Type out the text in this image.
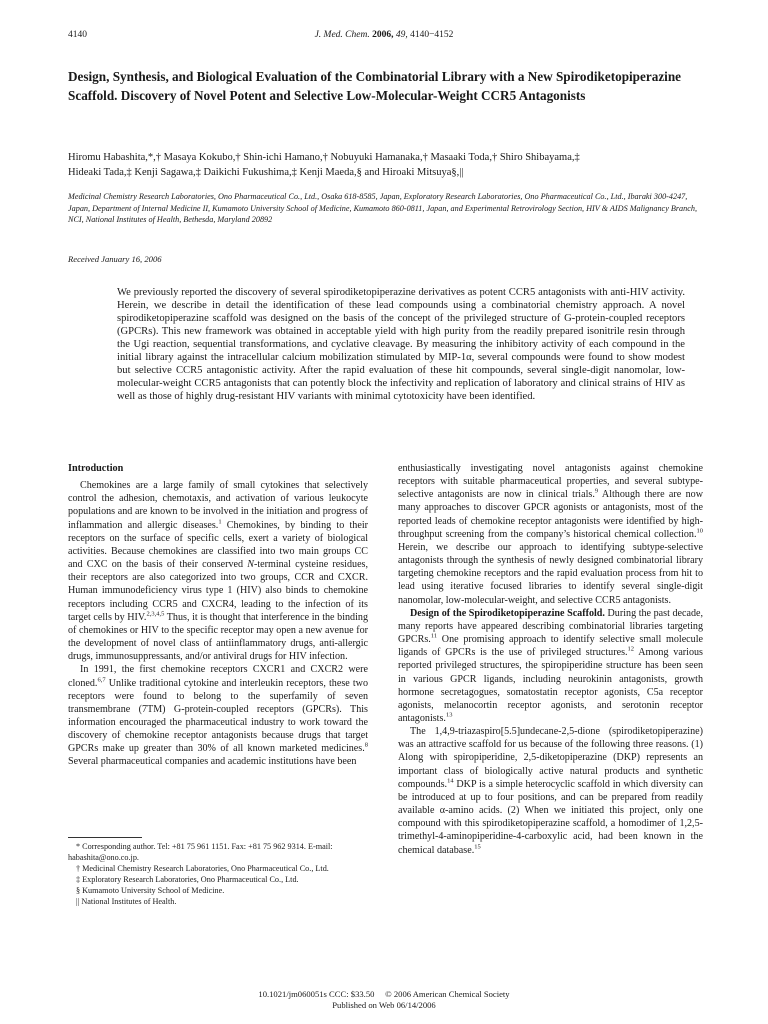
4140	J. Med. Chem. 2006, 49, 4140−4152
Design, Synthesis, and Biological Evaluation of the Combinatorial Library with a New Spirodiketopiperazine Scaffold. Discovery of Novel Potent and Selective Low-Molecular-Weight CCR5 Antagonists
Hiromu Habashita,*,† Masaya Kokubo,† Shin-ichi Hamano,† Nobuyuki Hamanaka,† Masaaki Toda,† Shiro Shibayama,‡
Hideaki Tada,‡ Kenji Sagawa,‡ Daikichi Fukushima,‡ Kenji Maeda,§ and Hiroaki Mitsuya§,||
Medicinal Chemistry Research Laboratories, Ono Pharmaceutical Co., Ltd., Osaka 618-8585, Japan, Exploratory Research Laboratories, Ono Pharmaceutical Co., Ltd., Ibaraki 300-4247, Japan, Department of Internal Medicine II, Kumamoto University School of Medicine, Kumamoto 860-0811, Japan, and Experimental Retrovirology Section, HIV & AIDS Malignancy Branch, NCI, National Institutes of Health, Bethesda, Maryland 20892
Received January 16, 2006
We previously reported the discovery of several spirodiketopiperazine derivatives as potent CCR5 antagonists with anti-HIV activity. Herein, we describe in detail the identification of these lead compounds using a combinatorial chemistry approach. A novel spirodiketopiperazine scaffold was designed on the basis of the concept of the privileged structure of G-protein-coupled receptors (GPCRs). This new framework was obtained in acceptable yield with high purity from the readily prepared isonitrile resin through the Ugi reaction, sequential transformations, and cyclative cleavage. By measuring the inhibitory activity of each compound in the initial library against the intracellular calcium mobilization stimulated by MIP-1α, several compounds were found to show modest but selective CCR5 antagonistic activity. After the rapid evaluation of these hit compounds, several single-digit nanomolar, low-molecular-weight CCR5 antagonists that can potently block the infectivity and replication of laboratory and clinical strains of HIV as well as those of highly drug-resistant HIV variants with minimal cytotoxicity have been identified.
Introduction

Chemokines are a large family of small cytokines that selectively control the adhesion, chemotaxis, and activation of various leukocyte populations and are known to be involved in the initiation and progress of inflammation and allergic diseases.$^1$ Chemokines, by binding to their receptors on the surface of specific cells, exert a variety of biological activities. Because chemokines are classified into two main groups CC and CXC on the basis of their conserved N-terminal cysteine residues, their receptors are also categorized into two groups, CCR and CXCR. Human immunodeficiency virus type 1 (HIV) also binds to chemokine receptors including CCR5 and CXCR4, leading to the infection of its target cells by HIV.$^{2,3,4,5}$ Thus, it is thought that interference in the binding of chemokines or HIV to the specific receptor may open a new avenue for the development of novel class of antiinflammatory drugs, anti-allergic drugs, immunosuppressants, and/or antiviral drugs for HIV infection.

In 1991, the first chemokine receptors CXCR1 and CXCR2 were cloned.$^{6,7}$ Unlike traditional cytokine and interleukin receptors, these two receptors were found to belong to the superfamily of seven transmembrane (7TM) G-protein-coupled receptors (GPCRs). This information encouraged the pharmaceutical industry to work toward the discovery of chemokine receptor antagonists because drugs that target GPCRs make up greater than 30% of all known marketed medicines.$^8$ Several pharmaceutical companies and academic institutions have been

* Corresponding author. Tel: +81 75 961 1151. Fax: +81 75 962 9314. E-mail: habashita@ono.co.jp.
† Medicinal Chemistry Research Laboratories, Ono Pharmaceutical Co., Ltd.
‡ Exploratory Research Laboratories, Ono Pharmaceutical Co., Ltd.
§ Kumamoto University School of Medicine.
|| National Institutes of Health.

enthusiastically investigating novel antagonists against chemokine receptors with suitable pharmaceutical properties, and several subtype-selective antagonists are now in clinical trials.$^9$ Although there are now many approaches to discover GPCR agonists or antagonists, most of the reported leads of chemokine receptor antagonists were identified by high-throughput screening from the company’s historical chemical collection.$^{10}$ Herein, we describe our approach to identifying subtype-selective antagonists through the synthesis of newly designed combinatorial library targeting chemokine receptors and the rapid evaluation process from hit to lead using iterative focused libraries to identify several single-digit nanomolar, low-molecular-weight, and selective CCR5 antagonists.

Design of the Spirodiketopiperazine Scaffold. During the past decade, many reports have appeared describing combinatorial libraries targeting GPCRs.$^{11}$ One promising approach to identify selective small molecule ligands of GPCRs is the use of privileged structures.$^{12}$ Among various reported privileged structures, the spiropiperidine structure has been seen in various GPCR ligands, including neurokinin antagonists, growth hormone secretagogues, somatostatin receptor agonists, C5a receptor agonists, melanocortin receptor agonists, and serotonin receptor antagonists.$^{13}$

The 1,4,9-triazaspiro[5.5]undecane-2,5-dione (spirodiketopiperazine) was an attractive scaffold for us because of the following three reasons. (1) Along with spiropiperidine, 2,5-diketopiperazine (DKP) represents an important class of biologically active natural products and synthetic compounds.$^{14}$ DKP is a simple heterocyclic scaffold in which diversity can be introduced at up to four positions, and can be prepared from readily available α-amino acids. (2) When we initiated this project, only one compound with this spirodiketopiperazine scaffold, a homodimer of 1,2,5-trimethyl-4-aminopiperidine-4-carboxylic acid, had been known in the chemical database.$^{15}$

10.1021/jm060051s CCC: $33.50 © 2006 American Chemical Society
Published on Web 06/14/2006
